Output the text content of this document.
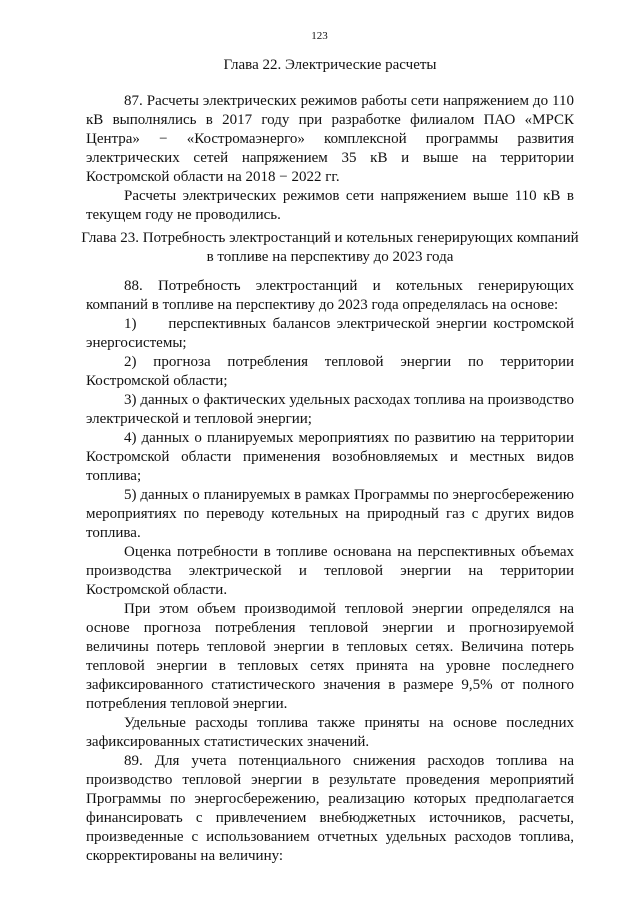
123
Глава 22. Электрические расчеты

87. Расчеты электрических режимов работы сети напряжением до 110 кВ выполнялись в 2017 году при разработке филиалом ПАО «МРСК Центра» − «Костромаэнерго» комплексной программы развития электрических сетей напряжением 35 кВ и выше на территории Костромской области на 2018 − 2022 гг.

Расчеты электрических режимов сети напряжением выше 110 кВ в текущем году не проводились.

Глава 23. Потребность электростанций и котельных генерирующих компаний в топливе на перспективу до 2023 года

88. Потребность электростанций и котельных генерирующих компаний в топливе на перспективу до 2023 года определялась на основе:

1)     перспективных балансов электрической энергии костромской энергосистемы;

2) прогноза потребления тепловой энергии по территории Костромской области;

3) данных о фактических удельных расходах топлива на производство электрической и тепловой энергии;

4) данных о планируемых мероприятиях по развитию на территории Костромской области применения возобновляемых и местных видов топлива;

5) данных о планируемых в рамках Программы по энергосбережению мероприятиях по переводу котельных на природный газ с других видов топлива.

Оценка потребности в топливе основана на перспективных объемах производства электрической и тепловой энергии на территории Костромской области.

При этом объем производимой тепловой энергии определялся на основе прогноза потребления тепловой энергии и прогнозируемой величины потерь тепловой энергии в тепловых сетях. Величина потерь тепловой энергии в тепловых сетях принята на уровне последнего зафиксированного статистического значения в размере 9,5% от полного потребления тепловой энергии.

Удельные расходы топлива также приняты на основе последних зафиксированных статистических значений.

89. Для учета потенциального снижения расходов топлива на производство тепловой энергии в результате проведения мероприятий Программы по энергосбережению, реализацию которых предполагается финансировать с привлечением внебюджетных источников, расчеты, произведенные с использованием отчетных удельных расходов топлива, скорректированы на величину:
